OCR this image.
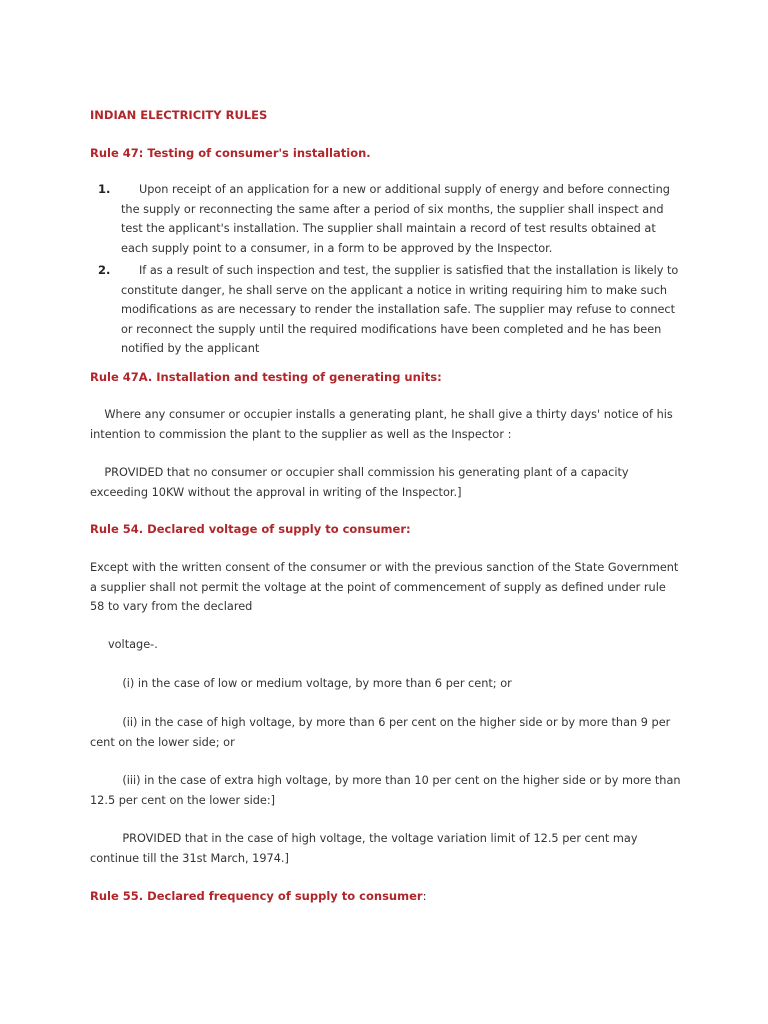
INDIAN ELECTRICITY RULES
Rule 47: Testing of consumer's installation.
1. Upon receipt of an application for a new or additional supply of energy and before connecting the supply or reconnecting the same after a period of six months, the supplier shall inspect and test the applicant's installation. The supplier shall maintain a record of test results obtained at each supply point to a consumer, in a form to be approved by the Inspector.
2. If as a result of such inspection and test, the supplier is satisfied that the installation is likely to constitute danger, he shall serve on the applicant a notice in writing requiring him to make such modifications as are necessary to render the installation safe. The supplier may refuse to connect or reconnect the supply until the required modifications have been completed and he has been notified by the applicant
Rule 47A. Installation and testing of generating units:
Where any consumer or occupier installs a generating plant, he shall give a thirty days' notice of his intention to commission the plant to the supplier as well as the Inspector :
PROVIDED that no consumer or occupier shall commission his generating plant of a capacity exceeding 10KW without the approval in writing of the Inspector.]
Rule 54. Declared voltage of supply to consumer:
Except with the written consent of the consumer or with the previous sanction of the State Government a supplier shall not permit the voltage at the point of commencement of supply as defined under rule 58 to vary from the declared
voltage-.
(i) in the case of low or medium voltage, by more than 6 per cent; or
(ii) in the case of high voltage, by more than 6 per cent on the higher side or by more than 9 per cent on the lower side; or
(iii) in the case of extra high voltage, by more than 10 per cent on the higher side or by more than 12.5 per cent on the lower side:]
PROVIDED that in the case of high voltage, the voltage variation limit of 12.5 per cent may continue till the 31st March, 1974.]
Rule 55. Declared frequency of supply to consumer:
